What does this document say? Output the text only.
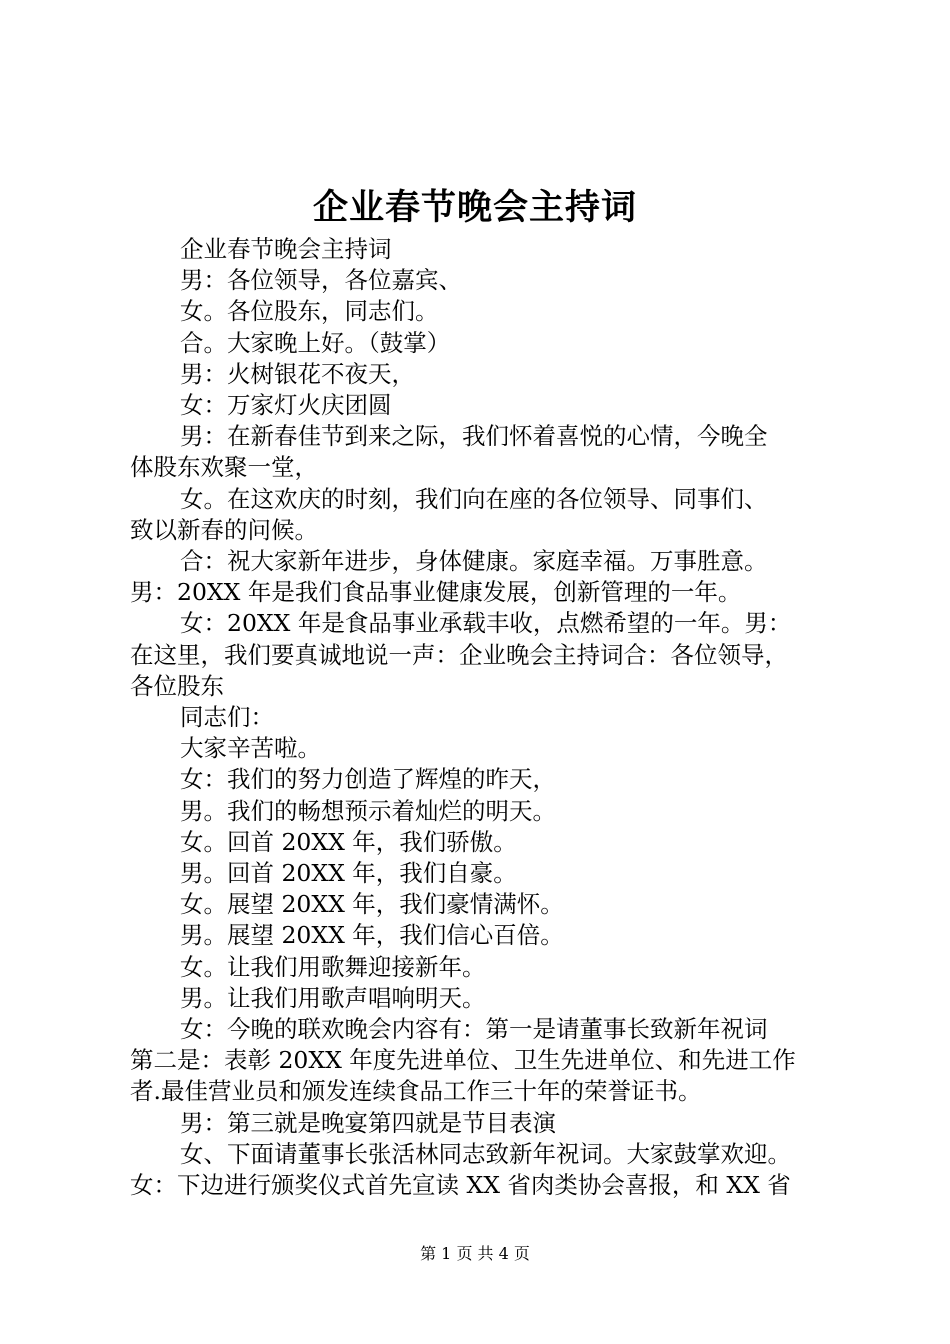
企业春节晚会主持词
企业春节晚会主持词
男：各位领导，各位嘉宾、
女。各位股东，同志们。
合。大家晚上好。（鼓掌）
男：火树银花不夜天，
女：万家灯火庆团圆
男：在新春佳节到来之际，我们怀着喜悦的心情，今晚全
体股东欢聚一堂，
女。在这欢庆的时刻，我们向在座的各位领导、同事们、
致以新春的问候。
合：祝大家新年进步，身体健康。家庭幸福。万事胜意。
男：20XX 年是我们食品事业健康发展，创新管理的一年。
女：20XX 年是食品事业承载丰收，点燃希望的一年。男：
在这里，我们要真诚地说一声：企业晚会主持词合：各位领导，
各位股东
同志们：
大家辛苦啦。
女：我们的努力创造了辉煌的昨天，
男。我们的畅想预示着灿烂的明天。
女。回首 20XX 年，我们骄傲。
男。回首 20XX 年，我们自豪。
女。展望 20XX 年，我们豪情满怀。
男。展望 20XX 年，我们信心百倍。
女。让我们用歌舞迎接新年。
男。让我们用歌声唱响明天。
女：今晚的联欢晚会内容有：第一是请董事长致新年祝词
第二是：表彰 20XX 年度先进单位、卫生先进单位、和先进工作
者.最佳营业员和颁发连续食品工作三十年的荣誉证书。
男：第三就是晚宴第四就是节目表演
女、下面请董事长张活林同志致新年祝词。大家鼓掌欢迎。
女：下边进行颁奖仪式首先宣读 XX 省肉类协会喜报，和 XX 省
第 1 页 共 4 页
